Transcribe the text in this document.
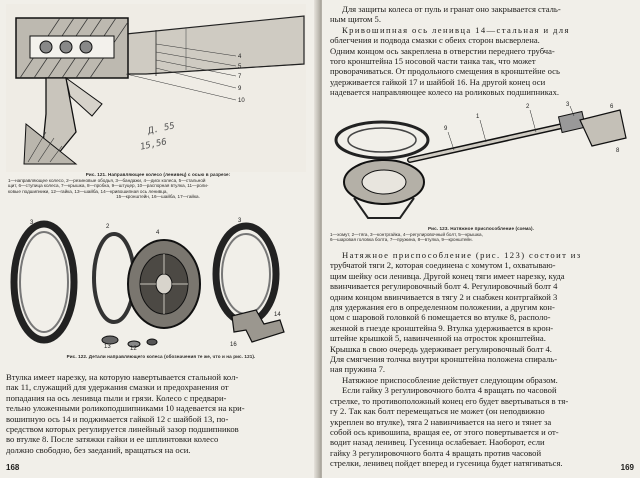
4
5
7
9
10
Д. 55
15,56
Рис. 121. Направляющее колесо (ленивец) с осью в разрезе:
1—направляющее колесо, 2—резиновые ободья, 3—бандажи, 4—диск колеса, 5—стальной
щит, 6—ступица колеса, 7—крышка, 8—пробка, 9—штуцер, 10—распорная втулка, 11—роли-
ковые подшипники, 12—гайка, 13—шайба, 14—кривошипная ось ленивца,
15—кронштейн, 16—шайба, 17—гайка.
3
2
4
3
13	12
14
16
Рис. 122. Детали направляющего колеса (обозначения те же, что и на рис. 121).

Втулка имеет нарезку, на которую навертывается стальной кол-

пак 11, служащий для удержания смазки и предохранения от

попадания на ось ленивца пыли и грязи. Колесо с предвари-

тельно уложенными роликоподшипниками 10 надевается на кри-

вошипную ось 14 и поджимается гайкой 12 с шайбой 13, по-

средством которых регулируется линейный зазор подшипников

во втулке 8. После затяжки гайки и ее шплинтовки колесо

должно свободно, без заеданий, вращаться на оси.

168

Для защиты колеса от пуль и гранат оно закрывается сталь-

ным щитом 5.

Кривошипная ось ленивца 14—стальная и для

облегчения и подвода смазки с обеих сторон высверлена.

Одним концом ось закреплена в отверстии переднего трубча-

того кронштейна 15 носовой части танка так, что может

проворачиваться. От продольного смещения в кронштейне ось

удерживается гайкой 17 и шайбой 16. На другой конец оси

надевается направляющее колесо на роликовых подшипниках.

1
2	3
9
6
8
Рис. 123. Натяжное приспособление (схема).
1—хомут, 2—тяга, 3—контргайка, 4—регулировочный болт, 5—крышка,
6—шаровая головка болта, 7—пружина, 8—втулка, 9—кронштейн.

Натяжное приспособление (рис. 123) состоит из

трубчатой тяги 2, которая соединена с хомутом 1, охватываю-

щим шейку оси ленивца. Другой конец тяги имеет нарезку, куда

ввинчивается регулировочный болт 4. Регулировочный болт 4

одним концом ввинчивается в тягу 2 и снабжен контргайкой 3

для удержания его в определенном положении, а другим кон-

цом с шаровой головкой 6 помещается во втулке 8, располо-

женной в гнезде кронштейна 9. Втулка удерживается в крон-

штейне крышкой 5, навинченной на отросток кронштейна.

Крышка в свою очередь удерживает регулировочный болт 4.

Для смягчения толчка внутри кронштейна положена спираль-

ная пружина 7.

Натяжное приспособление действует следующим образом.

Если гайку 3 регулировочного болта 4 вращать по часовой

стрелке, то противоположный конец его будет ввертываться в тя-

гу 2. Так как болт перемещаться не может (он неподвижно

укреплен во втулке), тяга 2 навинчивается на него и тянет за

собой ось кривошипа, вращая ее, от этого повертывается и от-

водит назад ленивец. Гусеница ослабевает. Наоборот, если

гайку 3 регулировочного болта 4 вращать против часовой

стрелки, ленивец пойдет вперед и гусеница будет натягиваться.	169
